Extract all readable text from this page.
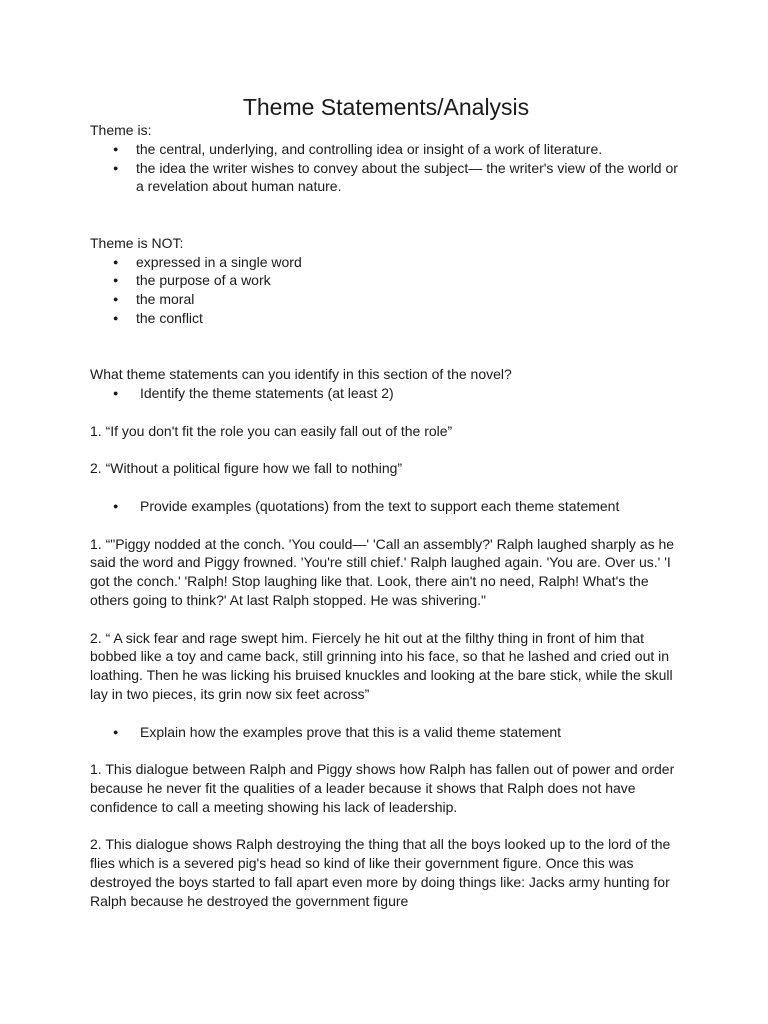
Theme Statements/Analysis

Theme is:

● the central, underlying, and controlling idea or insight of a work of literature.
● the idea the writer wishes to convey about the subject— the writer's view of the world or a revelation about human nature.

Theme is NOT:

● expressed in a single word
● the purpose of a work
● the moral
● the conflict

What theme statements can you identify in this section of the novel?

● Identify the theme statements (at least 2)

1. “If you don't fit the role you can easily fall out of the role”

2. “Without a political figure how we fall to nothing”

● Provide examples (quotations) from the text to support each theme statement

1. “"Piggy nodded at the conch. 'You could—' 'Call an assembly?' Ralph laughed sharply as he said the word and Piggy frowned. 'You're still chief.' Ralph laughed again. 'You are. Over us.' 'I got the conch.' 'Ralph! Stop laughing like that. Look, there ain't no need, Ralph! What's the others going to think?' At last Ralph stopped. He was shivering."

2. “ A sick fear and rage swept him. Fiercely he hit out at the filthy thing in front of him that bobbed like a toy and came back, still grinning into his face, so that he lashed and cried out in loathing. Then he was licking his bruised knuckles and looking at the bare stick, while the skull lay in two pieces, its grin now six feet across”

● Explain how the examples prove that this is a valid theme statement

1. This dialogue between Ralph and Piggy shows how Ralph has fallen out of power and order because he never fit the qualities of a leader because it shows that Ralph does not have confidence to call a meeting showing his lack of leadership.

2. This dialogue shows Ralph destroying the thing that all the boys looked up to the lord of the flies which is a severed pig's head so kind of like their government figure. Once this was destroyed the boys started to fall apart even more by doing things like: Jacks army hunting for Ralph because he destroyed the government figure
